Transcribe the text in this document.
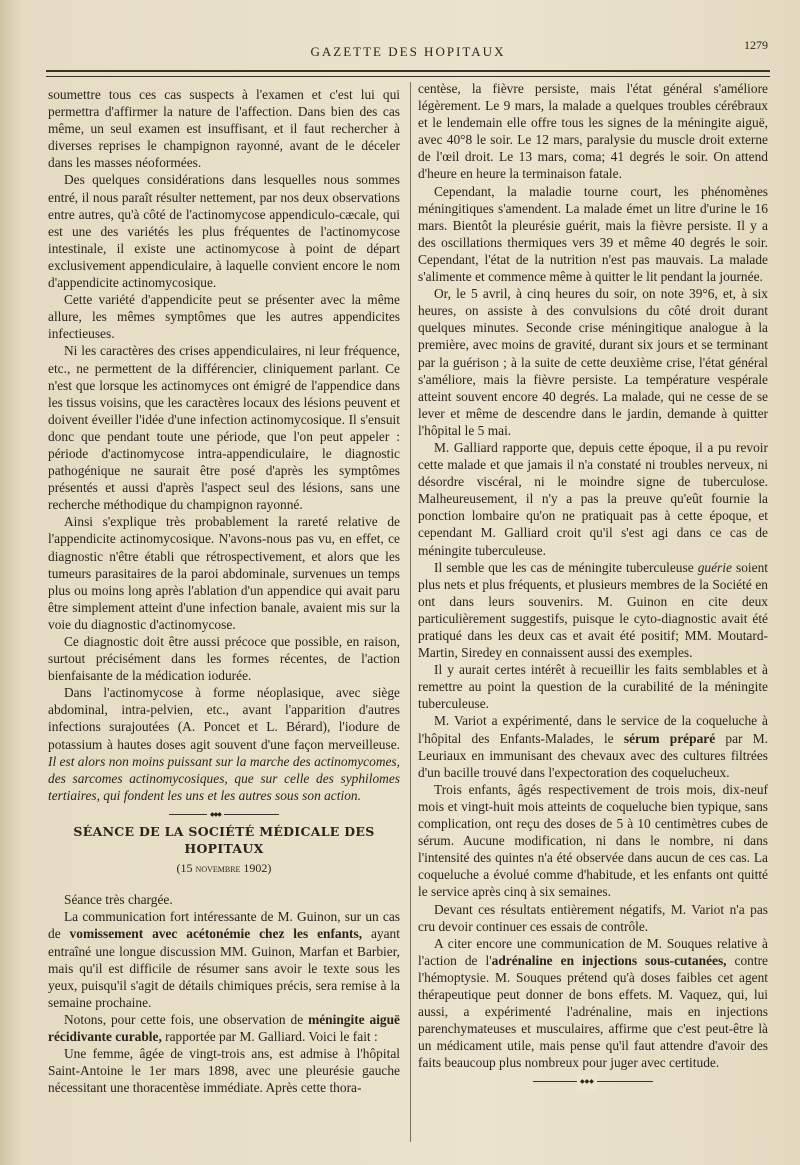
GAZETTE DES HOPITAUX	1279

soumettre tous ces cas suspects à l'examen et c'est lui qui permettra d'affirmer la nature de l'affection. Dans bien des cas même, un seul examen est insuffisant, et il faut rechercher à diverses reprises le champignon rayonné, avant de le déceler dans les masses néoformées.

Des quelques considérations dans lesquelles nous sommes entré, il nous paraît résulter nettement, par nos deux observations entre autres, qu'à côté de l'actinomycose appendiculo-cæcale, qui est une des variétés les plus fréquentes de l'actinomycose intestinale, il existe une actinomycose à point de départ exclusivement appendiculaire, à laquelle convient encore le nom d'appendicite actinomycosique.

Cette variété d'appendicite peut se présenter avec la même allure, les mêmes symptômes que les autres appendicites infectieuses.

Ni les caractères des crises appendiculaires, ni leur fréquence, etc., ne permettent de la différencier, cliniquement parlant. Ce n'est que lorsque les actinomyces ont émigré de l'appendice dans les tissus voisins, que les caractères locaux des lésions peuvent et doivent éveiller l'idée d'une infection actinomycosique. Il s'ensuit donc que pendant toute une période, que l'on peut appeler : période d'actinomycose intra-appendiculaire, le diagnostic pathogénique ne saurait être posé d'après les symptômes présentés et aussi d'après l'aspect seul des lésions, sans une recherche méthodique du champignon rayonné.

Ainsi s'explique très probablement la rareté relative de l'appendicite actinomycosique. N'avons-nous pas vu, en effet, ce diagnostic n'être établi que rétrospectivement, et alors que les tumeurs parasitaires de la paroi abdominale, survenues un temps plus ou moins long après l'ablation d'un appendice qui avait paru être simplement atteint d'une infection banale, avaient mis sur la voie du diagnostic d'actinomycose.

Ce diagnostic doit être aussi précoce que possible, en raison, surtout précisément dans les formes récentes, de l'action bienfaisante de la médication iodurée.

Dans l'actinomycose à forme néoplasique, avec siège abdominal, intra-pelvien, etc., avant l'apparition d'autres infections surajoutées (A. Poncet et L. Bérard), l'iodure de potassium à hautes doses agit souvent d'une façon merveilleuse. Il est alors non moins puissant sur la marche des actinomycomes, des sarcomes actinomycosiques, que sur celle des syphilomes tertiaires, qui fondent les uns et les autres sous son action.

◆◆◆
SÉANCE DE LA SOCIÉTÉ MÉDICALE DES HOPITAUX
(15 novembre 1902)

Séance très chargée.

La communication fort intéressante de M. Guinon, sur un cas de vomissement avec acétonémie chez les enfants, ayant entraîné une longue discussion MM. Guinon, Marfan et Barbier, mais qu'il est difficile de résumer sans avoir le texte sous les yeux, puisqu'il s'agit de détails chimiques précis, sera remise à la semaine prochaine.

Notons, pour cette fois, une observation de méningite aiguë récidivante curable, rapportée par M. Galliard. Voici le fait :

Une femme, âgée de vingt-trois ans, est admise à l'hôpital Saint-Antoine le 1er mars 1898, avec une pleurésie gauche nécessitant une thoracentèse immédiate. Après cette thora-

centèse, la fièvre persiste, mais l'état général s'améliore légèrement. Le 9 mars, la malade a quelques troubles cérébraux et le lendemain elle offre tous les signes de la méningite aiguë, avec 40°8 le soir. Le 12 mars, paralysie du muscle droit externe de l'œil droit. Le 13 mars, coma; 41 degrés le soir. On attend d'heure en heure la terminaison fatale.

Cependant, la maladie tourne court, les phénomènes méningitiques s'amendent. La malade émet un litre d'urine le 16 mars. Bientôt la pleurésie guérit, mais la fièvre persiste. Il y a des oscillations thermiques vers 39 et même 40 degrés le soir. Cependant, l'état de la nutrition n'est pas mauvais. La malade s'alimente et commence même à quitter le lit pendant la journée.

Or, le 5 avril, à cinq heures du soir, on note 39°6, et, à six heures, on assiste à des convulsions du côté droit durant quelques minutes. Seconde crise méningitique analogue à la première, avec moins de gravité, durant six jours et se terminant par la guérison ; à la suite de cette deuxième crise, l'état général s'améliore, mais la fièvre persiste. La température vespérale atteint souvent encore 40 degrés. La malade, qui ne cesse de se lever et même de descendre dans le jardin, demande à quitter l'hôpital le 5 mai.

M. Galliard rapporte que, depuis cette époque, il a pu revoir cette malade et que jamais il n'a constaté ni troubles nerveux, ni désordre viscéral, ni le moindre signe de tuberculose. Malheureusement, il n'y a pas la preuve qu'eût fournie la ponction lombaire qu'on ne pratiquait pas à cette époque, et cependant M. Galliard croit qu'il s'est agi dans ce cas de méningite tuberculeuse.

Il semble que les cas de méningite tuberculeuse guérie soient plus nets et plus fréquents, et plusieurs membres de la Société en ont dans leurs souvenirs. M. Guinon en cite deux particulièrement suggestifs, puisque le cyto-diagnostic avait été pratiqué dans les deux cas et avait été positif; MM. Moutard-Martin, Siredey en connaissent aussi des exemples.

Il y aurait certes intérêt à recueillir les faits semblables et à remettre au point la question de la curabilité de la méningite tuberculeuse.

M. Variot a expérimenté, dans le service de la coqueluche à l'hôpital des Enfants-Malades, le sérum préparé par M. Leuriaux en immunisant des chevaux avec des cultures filtrées d'un bacille trouvé dans l'expectoration des coquelucheux.

Trois enfants, âgés respectivement de trois mois, dix-neuf mois et vingt-huit mois atteints de coqueluche bien typique, sans complication, ont reçu des doses de 5 à 10 centimètres cubes de sérum. Aucune modification, ni dans le nombre, ni dans l'intensité des quintes n'a été observée dans aucun de ces cas. La coqueluche a évolué comme d'habitude, et les enfants ont quitté le service après cinq à six semaines.

Devant ces résultats entièrement négatifs, M. Variot n'a pas cru devoir continuer ces essais de contrôle.

A citer encore une communication de M. Souques relative à l'action de l'adrénaline en injections sous-cutanées, contre l'hémoptysie. M. Souques prétend qu'à doses faibles cet agent thérapeutique peut donner de bons effets. M. Vaquez, qui, lui aussi, a expérimenté l'adrénaline, mais en injections parenchymateuses et musculaires, affirme que c'est peut-être là un médicament utile, mais pense qu'il faut attendre d'avoir des faits beaucoup plus nombreux pour juger avec certitude.

◆◆◆
